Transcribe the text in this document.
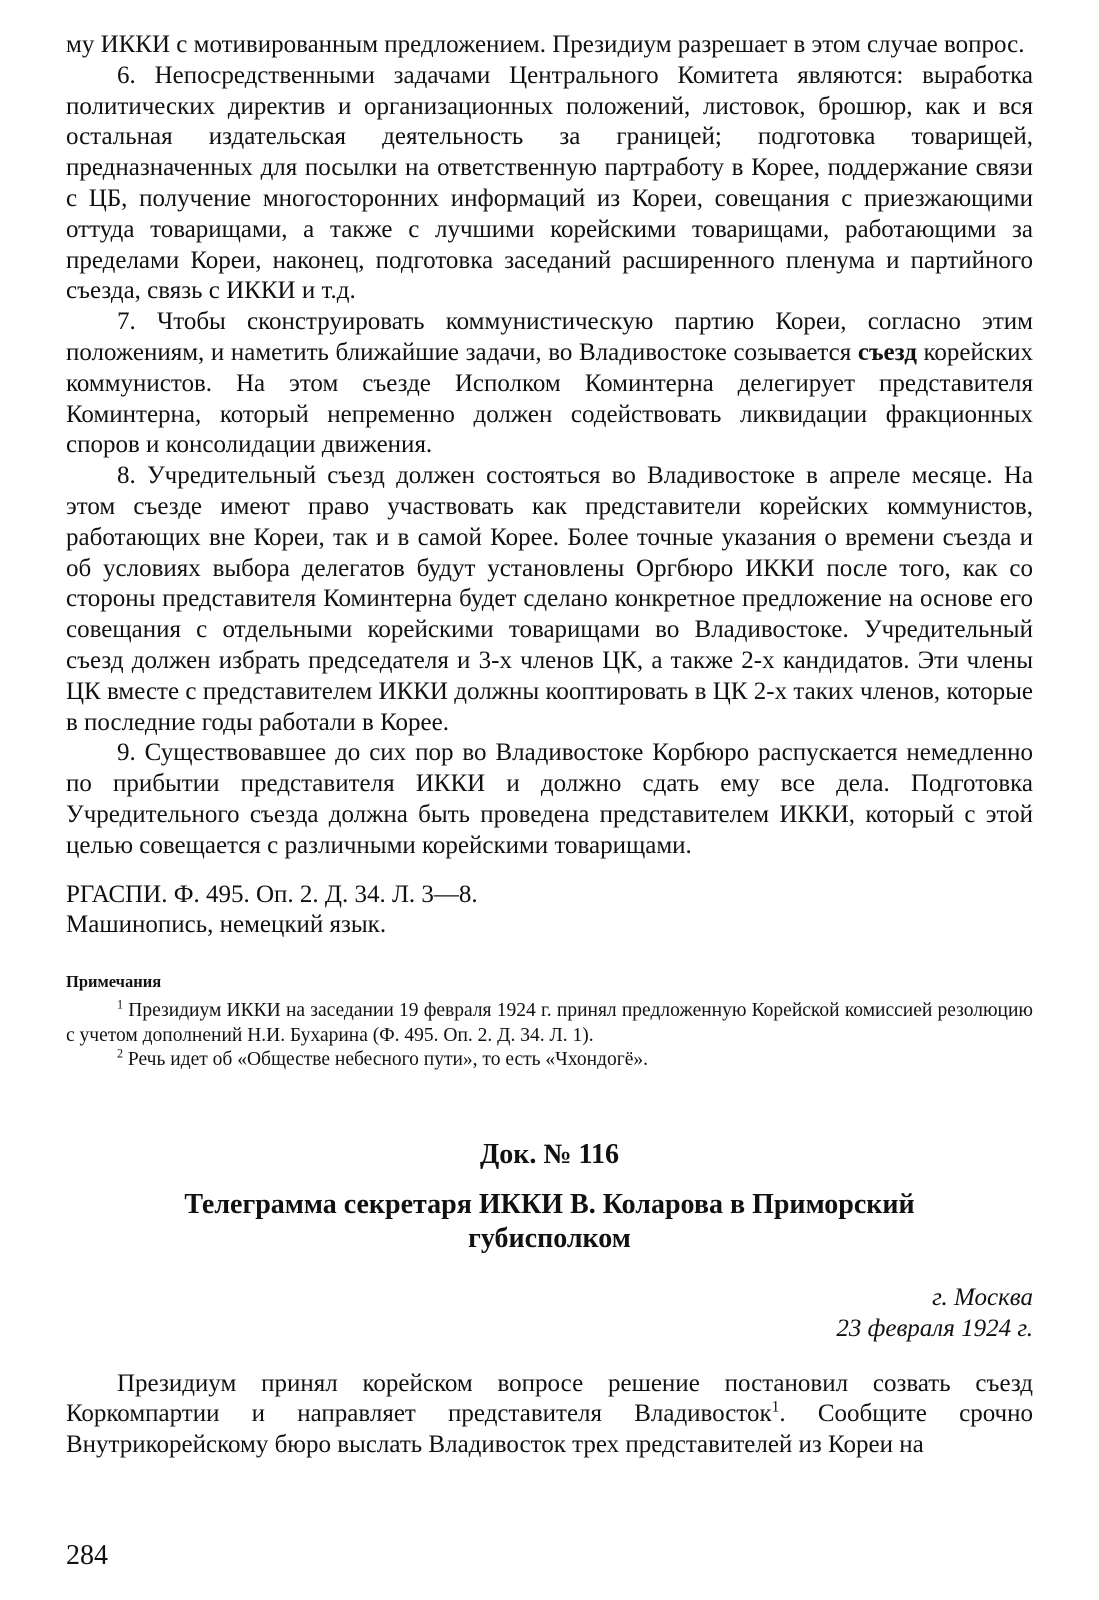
му ИККИ с мотивированным предложением. Президиум разрешает в этом случае вопрос.

6. Непосредственными задачами Центрального Комитета являются: выработка политических директив и организационных положений, листовок, брошюр, как и вся остальная издательская деятельность за границей; подготовка товарищей, предназначенных для посылки на ответственную партработу в Корее, поддержание связи с ЦБ, получение многосторонних информаций из Кореи, совещания с приезжающими оттуда товарищами, а также с лучшими корейскими товарищами, работающими за пределами Кореи, наконец, подготовка заседаний расширенного пленума и партийного съезда, связь с ИККИ и т.д.

7. Чтобы сконструировать коммунистическую партию Кореи, согласно этим положениям, и наметить ближайшие задачи, во Владивостоке созывается съезд корейских коммунистов. На этом съезде Исполком Коминтерна делегирует представителя Коминтерна, который непременно должен содействовать ликвидации фракционных споров и консолидации движения.

8. Учредительный съезд должен состояться во Владивостоке в апреле месяце. На этом съезде имеют право участвовать как представители корейских коммунистов, работающих вне Кореи, так и в самой Корее. Более точные указания о времени съезда и об условиях выбора делегатов будут установлены Оргбюро ИККИ после того, как со стороны представителя Коминтерна будет сделано конкретное предложение на основе его совещания с отдельными корейскими товарищами во Владивостоке. Учредительный съезд должен избрать председателя и 3-х членов ЦК, а также 2-х кандидатов. Эти члены ЦК вместе с представителем ИККИ должны кооптировать в ЦК 2-х таких членов, которые в последние годы работали в Корее.

9. Существовавшее до сих пор во Владивостоке Корбюро распускается немедленно по прибытии представителя ИККИ и должно сдать ему все дела. Подготовка Учредительного съезда должна быть проведена представителем ИККИ, который с этой целью совещается с различными корейскими товарищами.

РГАСПИ. Ф. 495. Оп. 2. Д. 34. Л. 3—8.
Машинопись, немецкий язык.
Примечания

$^1$ Президиум ИККИ на заседании 19 февраля 1924 г. принял предложенную Корейской комиссией резолюцию с учетом дополнений Н.И. Бухарина (Ф. 495. Оп. 2. Д. 34. Л. 1).

$^2$ Речь идет об «Обществе небесного пути», то есть «Чхондогё».

Док. № 116
Телеграмма секретаря ИККИ В. Коларова в Приморский губисполком
г. Москва
23 февраля 1924 г.

Президиум принял корейском вопросе решение постановил созвать съезд Коркомпартии и направляет представителя Владивосток$^1$. Сообщите срочно Внутрикорейскому бюро выслать Владивосток трех представителей из Кореи на

284
